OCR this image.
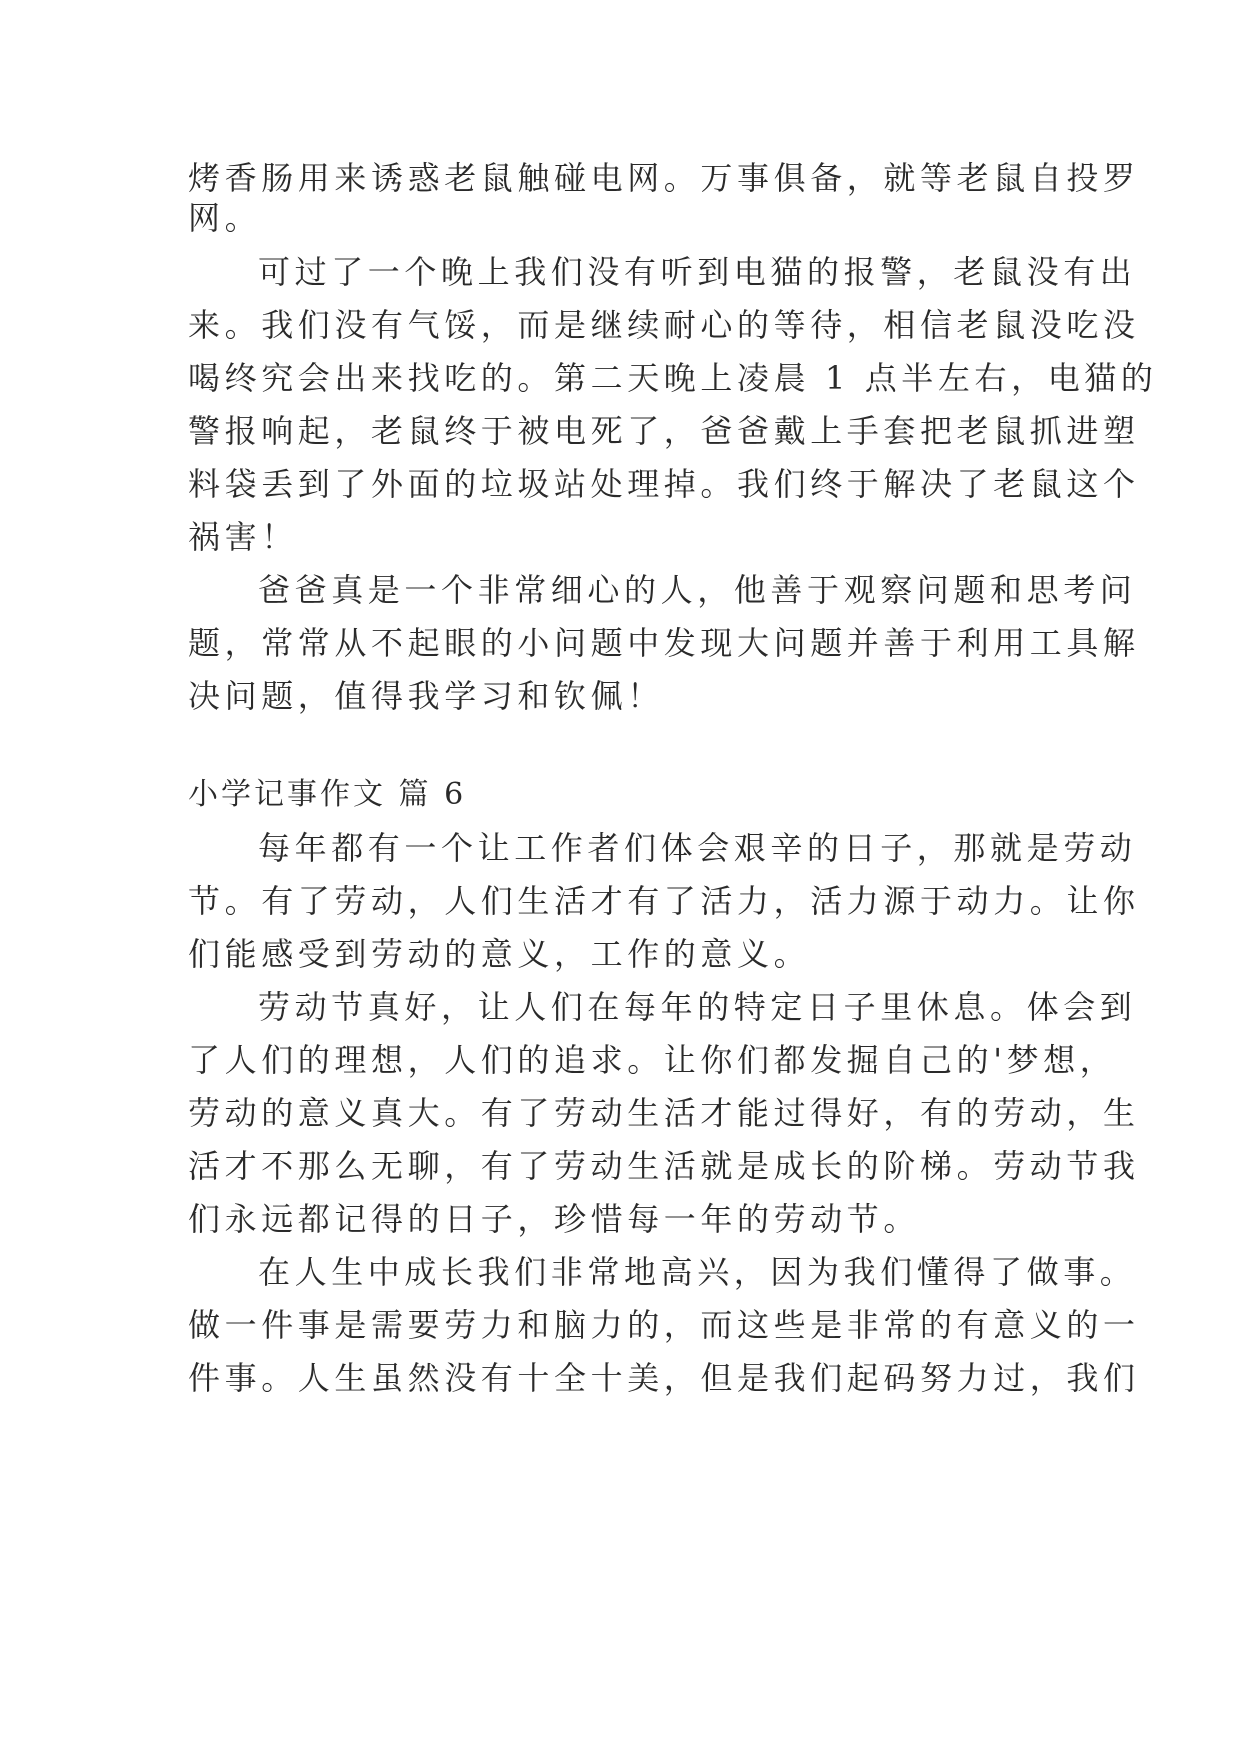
烤香肠用来诱惑老鼠触碰电网。万事俱备，就等老鼠自投罗
网。
可过了一个晚上我们没有听到电猫的报警，老鼠没有出
来。我们没有气馁，而是继续耐心的等待，相信老鼠没吃没
喝终究会出来找吃的。第二天晚上凌晨 1 点半左右，电猫的
警报响起，老鼠终于被电死了，爸爸戴上手套把老鼠抓进塑
料袋丢到了外面的垃圾站处理掉。我们终于解决了老鼠这个
祸害！
爸爸真是一个非常细心的人，他善于观察问题和思考问
题，常常从不起眼的小问题中发现大问题并善于利用工具解
决问题，值得我学习和钦佩！
小学记事作文 篇 6
每年都有一个让工作者们体会艰辛的日子，那就是劳动
节。有了劳动，人们生活才有了活力，活力源于动力。让你
们能感受到劳动的意义，工作的意义。
劳动节真好，让人们在每年的特定日子里休息。体会到
了人们的理想，人们的追求。让你们都发掘自己的'梦想，
劳动的意义真大。有了劳动生活才能过得好，有的劳动，生
活才不那么无聊，有了劳动生活就是成长的阶梯。劳动节我
们永远都记得的日子，珍惜每一年的劳动节。
在人生中成长我们非常地高兴，因为我们懂得了做事。
做一件事是需要劳力和脑力的，而这些是非常的有意义的一
件事。人生虽然没有十全十美，但是我们起码努力过，我们
